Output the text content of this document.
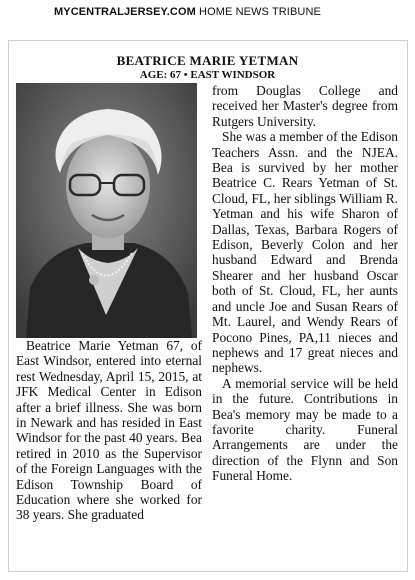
MYCENTRALJERSEY.COM HOME NEWS TRIBUNE
BEATRICE MARIE YETMAN
AGE: 67 • EAST WINDSOR

Beatrice Marie Yetman 67, of East Windsor, entered into eternal rest Wednesday, April 15, 2015, at JFK Medical Center in Edison after a brief illness. She was born in Newark and has resided in East Windsor for the past 40 years. Bea retired in 2010 as the Supervisor of the Foreign Languages with the Edison Township Board of Education where she worked for 38 years. She graduated

from Douglas College and received her Master's degree from Rutgers University.

She was a member of the Edison Teachers Assn. and the NJEA. Bea is survived by her mother Beatrice C. Rears Yetman of St. Cloud, FL, her siblings William R. Yetman and his wife Sharon of Dallas, Texas, Barbara Rogers of Edison, Beverly Colon and her husband Edward and Brenda Shearer and her husband Oscar both of St. Cloud, FL, her aunts and uncle Joe and Susan Rears of Mt. Laurel, and Wendy Rears of Pocono Pines, PA,11 nieces and nephews and 17 great nieces and nephews.

A memorial service will be held in the future. Contributions in Bea's memory may be made to a favorite charity. Funeral Arrangements are under the direction of the Flynn and Son Funeral Home.
